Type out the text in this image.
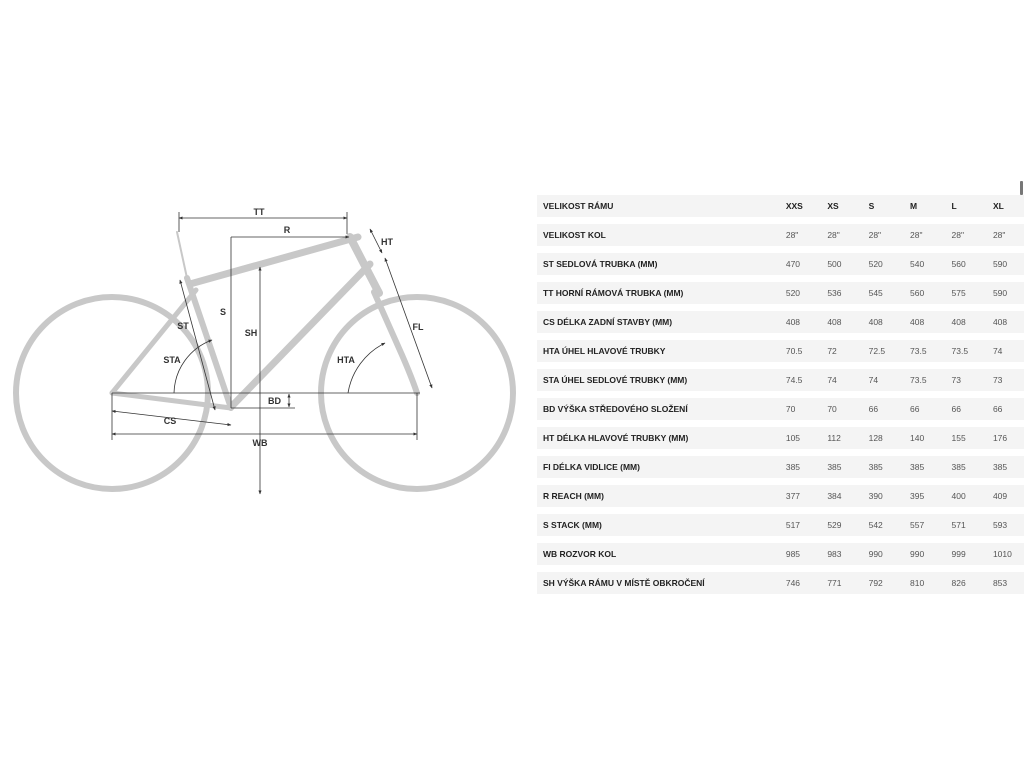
TT
R
HT
S
SH
ST
STA	HTA
FL
BD
CS
WB
VELIKOST RÁMU	XXS	XS	S	M	L	XL
VELIKOST KOL	28"	28"	28"	28"	28"	28"
ST SEDLOVÁ TRUBKA (MM)	470	500	520	540	560	590
TT HORNÍ RÁMOVÁ TRUBKA (MM)	520	536	545	560	575	590
CS DÉLKA ZADNÍ STAVBY (MM)	408	408	408	408	408	408
HTA ÚHEL HLAVOVÉ TRUBKY	70.5	72	72.5	73.5	73.5	74
STA ÚHEL SEDLOVÉ TRUBKY (MM)	74.5	74	74	73.5	73	73
BD VÝŠKA STŘEDOVÉHO SLOŽENÍ	70	70	66	66	66	66
HT DÉLKA HLAVOVÉ TRUBKY (MM)	105	112	128	140	155	176
FI DÉLKA VIDLICE (MM)	385	385	385	385	385	385
R REACH (MM)	377	384	390	395	400	409
S STACK (MM)	517	529	542	557	571	593
WB ROZVOR KOL	985	983	990	990	999	1010
SH VÝŠKA RÁMU V MÍSTĚ OBKROČENÍ	746	771	792	810	826	853
